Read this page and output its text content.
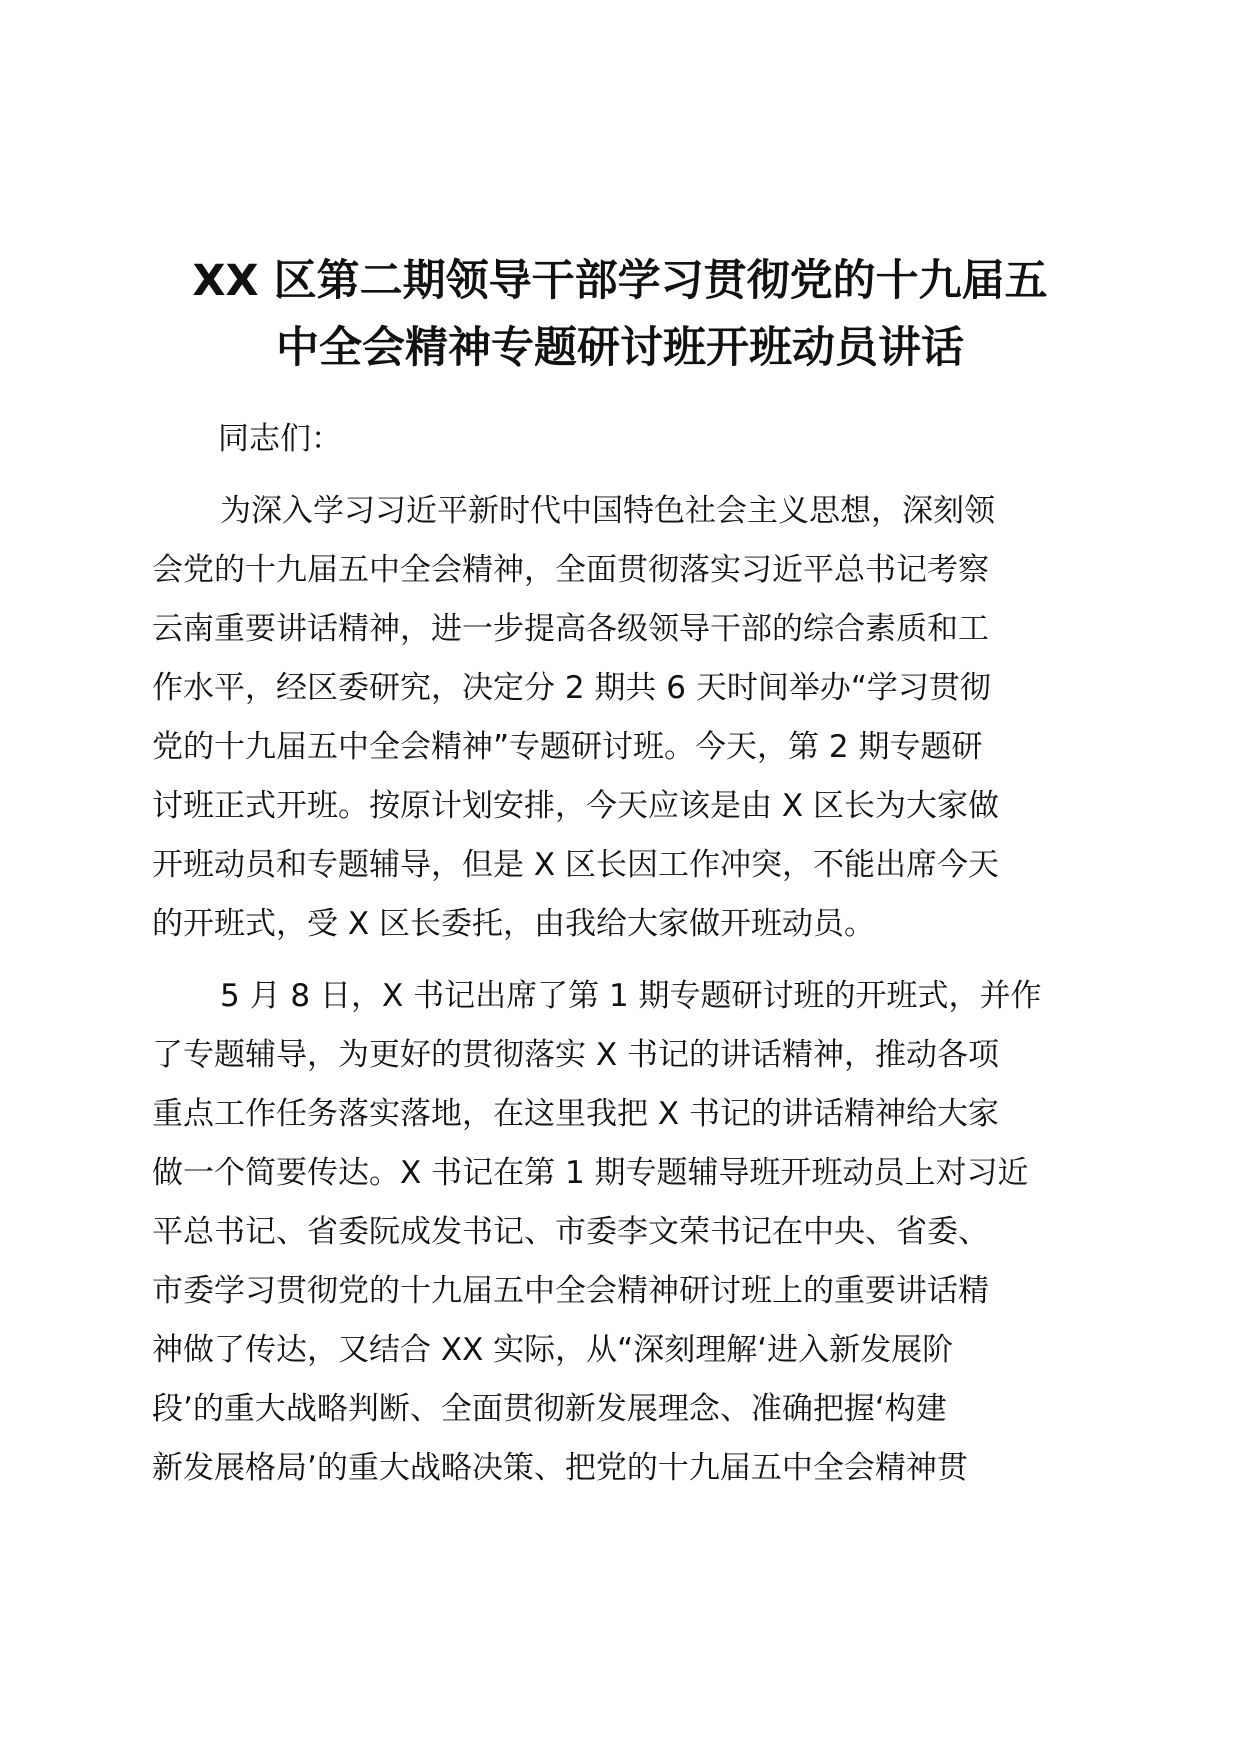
XX 区第二期领导干部学习贯彻党的十九届五
中全会精神专题研讨班开班动员讲话

同志们：

为深入学习习近平新时代中国特色社会主义思想，深刻领
会党的十九届五中全会精神，全面贯彻落实习近平总书记考察
云南重要讲话精神，进一步提高各级领导干部的综合素质和工
作水平，经区委研究，决定分 2 期共 6 天时间举办“学习贯彻
党的十九届五中全会精神”专题研讨班。今天，第 2 期专题研
讨班正式开班。按原计划安排，今天应该是由 X 区长为大家做
开班动员和专题辅导，但是 X 区长因工作冲突，不能出席今天
的开班式，受 X 区长委托，由我给大家做开班动员。
5 月 8 日，X 书记出席了第 1 期专题研讨班的开班式，并作
了专题辅导，为更好的贯彻落实 X 书记的讲话精神，推动各项
重点工作任务落实落地，在这里我把 X 书记的讲话精神给大家
做一个简要传达。X 书记在第 1 期专题辅导班开班动员上对习近
平总书记、省委阮成发书记、市委李文荣书记在中央、省委、
市委学习贯彻党的十九届五中全会精神研讨班上的重要讲话精
神做了传达，又结合 XX 实际，从“深刻理解‘进入新发展阶
段’的重大战略判断、全面贯彻新发展理念、准确把握‘构建
新发展格局’的重大战略决策、把党的十九届五中全会精神贯
